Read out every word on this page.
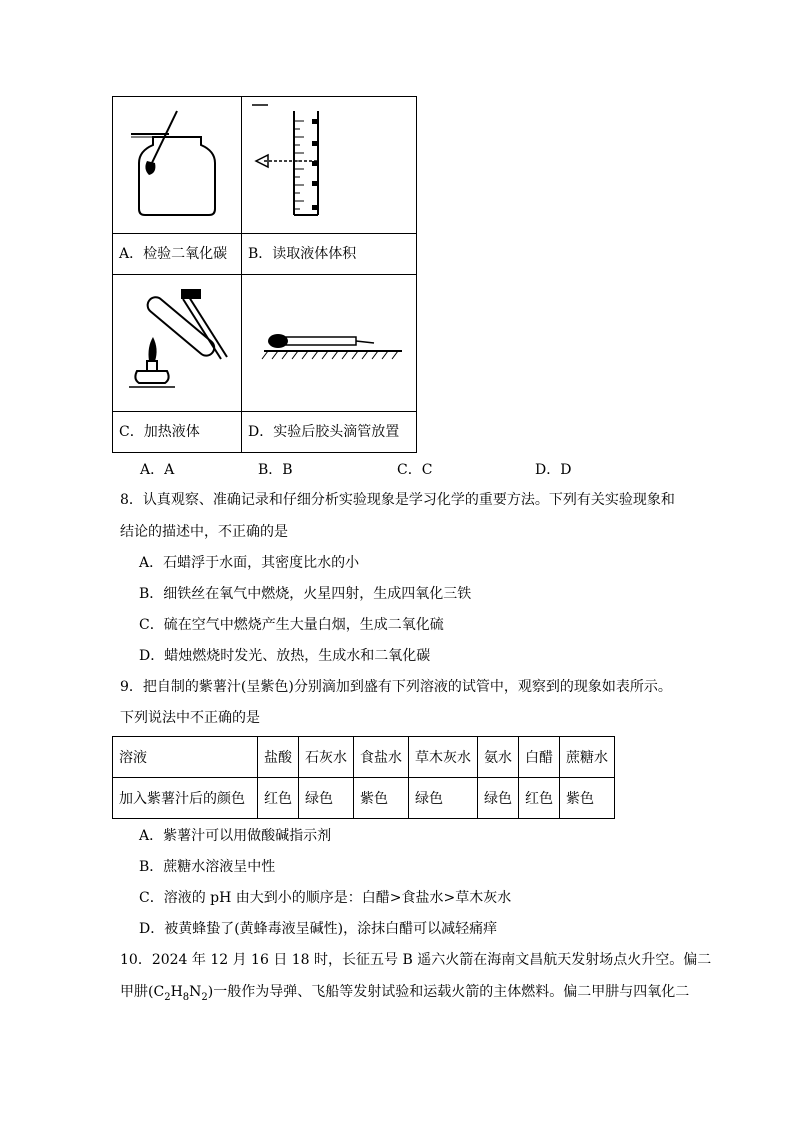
A．检验二氧化碳	B．读取液体体积

C．加热液体	D．实验后胶头滴管放置
A．A	B．B	C．C	D．D
8．认真观察、准确记录和仔细分析实验现象是学习化学的重要方法。下列有关实验现象和
结论的描述中，不正确的是
A．石蜡浮于水面，其密度比水的小
B．细铁丝在氧气中燃烧，火星四射，生成四氧化三铁
C．硫在空气中燃烧产生大量白烟，生成二氧化硫
D．蜡烛燃烧时发光、放热，生成水和二氧化碳
9．把自制的紫薯汁(呈紫色)分别滴加到盛有下列溶液的试管中，观察到的现象如表所示。
下列说法中不正确的是
溶液	盐酸	石灰水	食盐水	草木灰水	氨水	白醋	蔗糖水
加入紫薯汁后的颜色	红色	绿色	紫色	绿色	绿色	红色	紫色
A．紫薯汁可以用做酸碱指示剂
B．蔗糖水溶液呈中性
C．溶液的 pH 由大到小的顺序是：白醋>食盐水>草木灰水
D．被黄蜂蛰了(黄蜂毒液呈碱性)，涂抹白醋可以减轻痛痒
10．2024 年 12 月 16 日 18 时，长征五号 B 遥六火箭在海南文昌航天发射场点火升空。偏二
甲肼$(C_2H_8N_2)$一般作为导弹、飞船等发射试验和运载火箭的主体燃料。偏二甲肼与四氧化二
